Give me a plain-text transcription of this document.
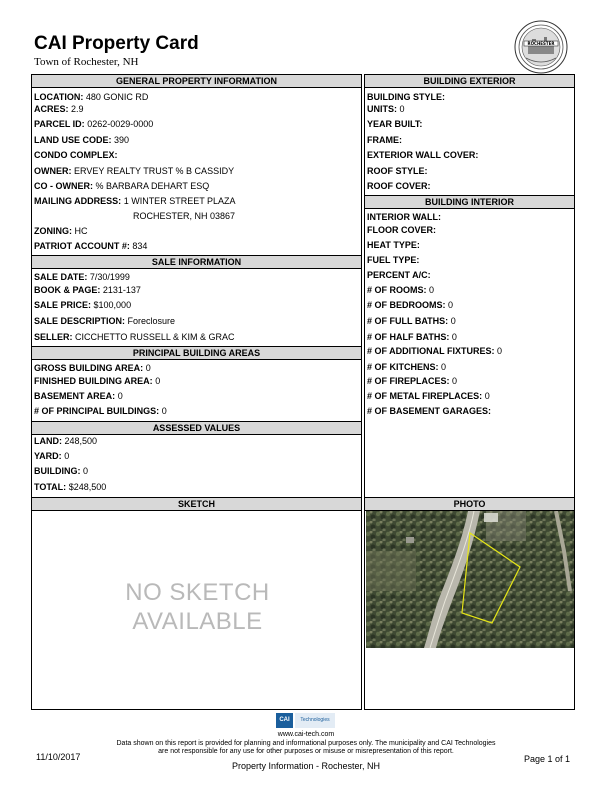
CAI Property Card
Town of Rochester, NH
ROCHESTER
GENERAL PROPERTY INFORMATION
LOCATION: 480 GONIC RD
ACRES: 2.9
PARCEL ID: 0262-0029-0000
LAND USE CODE: 390
CONDO COMPLEX:
OWNER: ERVEY REALTY TRUST % B CASSIDY
CO - OWNER: % BARBARA DEHART ESQ
MAILING ADDRESS: 1 WINTER STREET PLAZA
ROCHESTER, NH 03867
ZONING: HC
PATRIOT ACCOUNT #: 834
SALE INFORMATION
SALE DATE: 7/30/1999
BOOK & PAGE: 2131-137
SALE PRICE: $100,000
SALE DESCRIPTION: Foreclosure
SELLER: CICCHETTO RUSSELL & KIM & GRAC
PRINCIPAL BUILDING AREAS
GROSS BUILDING AREA: 0
FINISHED BUILDING AREA: 0
BASEMENT AREA: 0
# OF PRINCIPAL BUILDINGS: 0
ASSESSED VALUES
LAND: 248,500
YARD: 0
BUILDING: 0
TOTAL: $248,500
BUILDING EXTERIOR
BUILDING STYLE:
UNITS: 0
YEAR BUILT:
FRAME:
EXTERIOR WALL COVER:
ROOF STYLE:
ROOF COVER:
BUILDING INTERIOR
INTERIOR WALL:
FLOOR COVER:
HEAT TYPE:
FUEL TYPE:
PERCENT A/C:
# OF ROOMS: 0
# OF BEDROOMS: 0
# OF FULL BATHS: 0
# OF HALF BATHS: 0
# OF ADDITIONAL FIXTURES: 0
# OF KITCHENS: 0
# OF FIREPLACES: 0
# OF METAL FIREPLACES: 0
# OF BASEMENT GARAGES:
SKETCH
NO SKETCH
AVAILABLE
PHOTO
CAI	Technologies
www.cai-tech.com
Data shown on this report is provided for planning and informational purposes only. The municipality and CAI Technologies
are not responsible for any use for other purposes or misuse or misrepresentation of this report.
11/10/2017
Property Information - Rochester, NH
Page 1 of 1
